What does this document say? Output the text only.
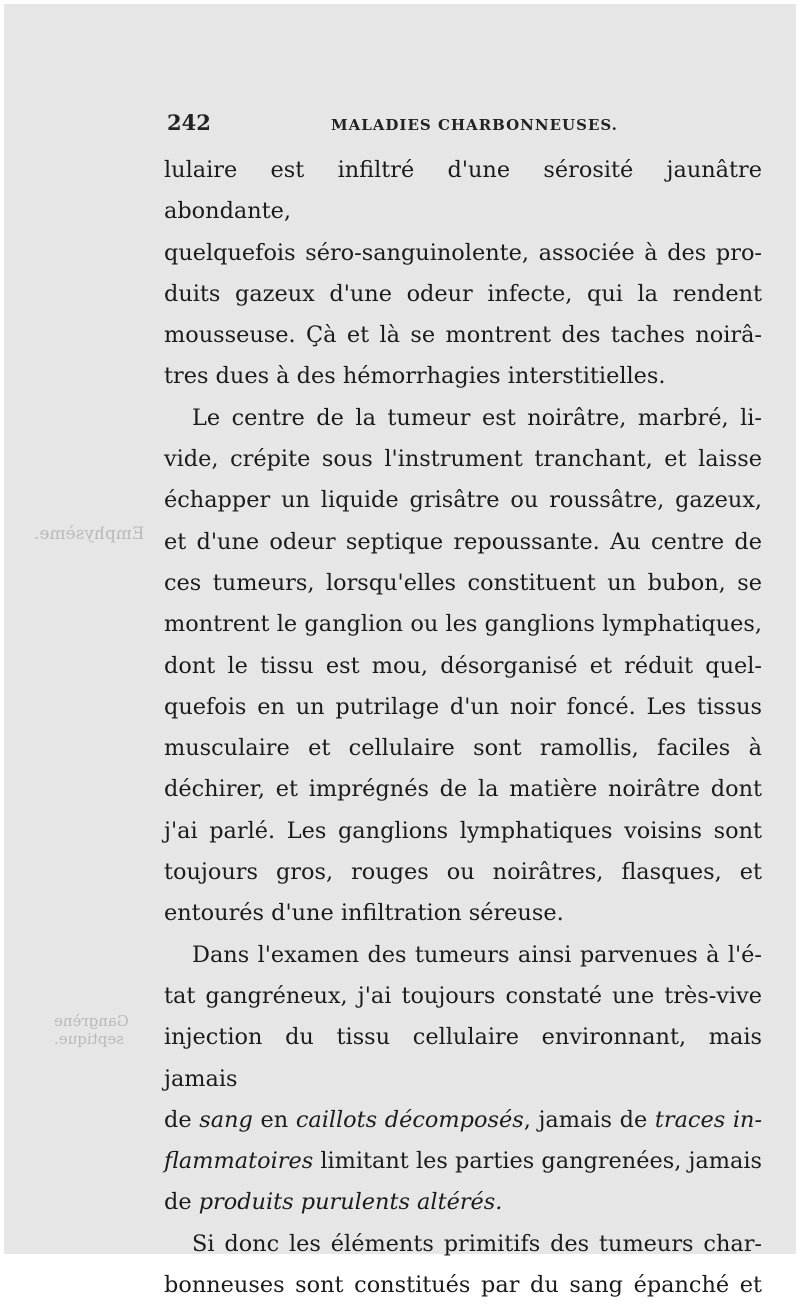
Emphysème.
Gangrène septique.
242	MALADIES CHARBONNEUSES.
lulaire est infiltré d'une sérosité jaunâtre abondante,
quelquefois séro-sanguinolente, associée à des pro-
duits gazeux d'une odeur infecte, qui la rendent
mousseuse. Çà et là se montrent des taches noirâ-
tres dues à des hémorrhagies interstitielles.
Le centre de la tumeur est noirâtre, marbré, li-
vide, crépite sous l'instrument tranchant, et laisse
échapper un liquide grisâtre ou roussâtre, gazeux,
et d'une odeur septique repoussante. Au centre de
ces tumeurs, lorsqu'elles constituent un bubon, se
montrent le ganglion ou les ganglions lymphatiques,
dont le tissu est mou, désorganisé et réduit quel-
quefois en un putrilage d'un noir foncé. Les tissus
musculaire et cellulaire sont ramollis, faciles à
déchirer, et imprégnés de la matière noirâtre dont
j'ai parlé. Les ganglions lymphatiques voisins sont
toujours gros, rouges ou noirâtres, flasques, et
entourés d'une infiltration séreuse.
Dans l'examen des tumeurs ainsi parvenues à l'é-
tat gangréneux, j'ai toujours constaté une très-vive
injection du tissu cellulaire environnant, mais jamais
de sang en caillots décomposés, jamais de traces in-
flammatoires limitant les parties gangrenées, jamais
de produits purulents altérés.
Si donc les éléments primitifs des tumeurs char-
bonneuses sont constitués par du sang épanché et
